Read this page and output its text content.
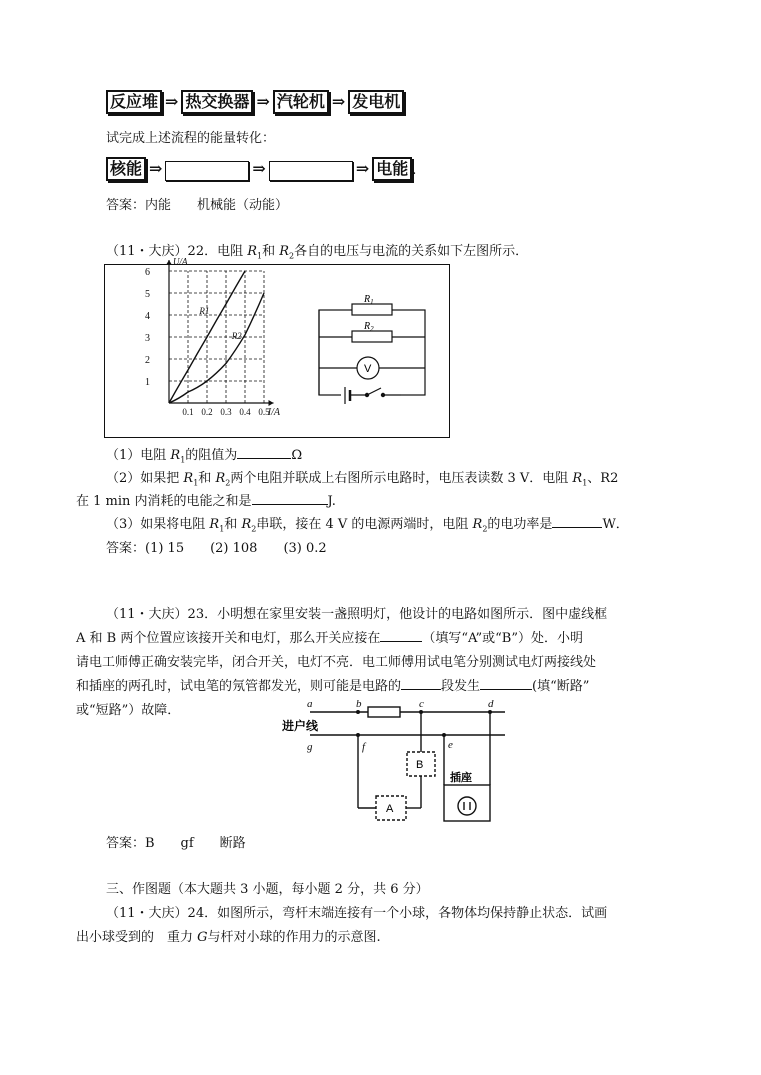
反应堆 ⇒ 热交换器 ⇒ 汽轮机 ⇒ 发电机
试完成上述流程的能量转化：
核能 ⇒	⇒	⇒ 电能 .
答案：内能　　机械能（动能）
（11・大庆）22．电阻 $R_1$和 $R_2$各自的电压与电流的关系如下左图所示．
0.1 0.2 0.3 0.4 0.5
1
2
3
4
5
6
I/A
U/A
R1
R2
$R_1$
$R_2$
V
（1）电阻 $R_1$的阻值为	Ω
（2）如果把 $R_1$和 $R_2$两个电阻并联成上右图所示电路时，电压表读数 3 V．电阻 $R_1$、R2
在 1 min 内消耗的电能之和是	J.
（3）如果将电阻 $R_1$和 $R_2$串联，接在 4 V 的电源两端时，电阻 $R_2$的电功率是	W．
答案：(1) 15　　(2) 108　　(3) 0.2
（11・大庆）23．小明想在家里安装一盏照明灯，他设计的电路如图所示．图中虚线框
A 和 B 两个位置应该接开关和电灯，那么开关应接在	（填写“A”或“B”）处．小明
请电工师傅正确安装完毕，闭合开关，电灯不亮．电工师傅用试电笔分别测试电灯两接线处
和插座的两孔时，试电笔的氖管都发光，则可能是电路的	段发生	(填“断路”
或“短路”）故障．	a	b	c	d
g	f	e
进户线
A
B
插座
答案：B　　gf　　断路
三、作图题（本大题共 3 小题，每小题 2 分，共 6 分）
（11・大庆）24．如图所示，弯杆末端连接有一个小球，各物体均保持静止状态．试画
出小球受到的　重力 G与杆对小球的作用力的示意图.
